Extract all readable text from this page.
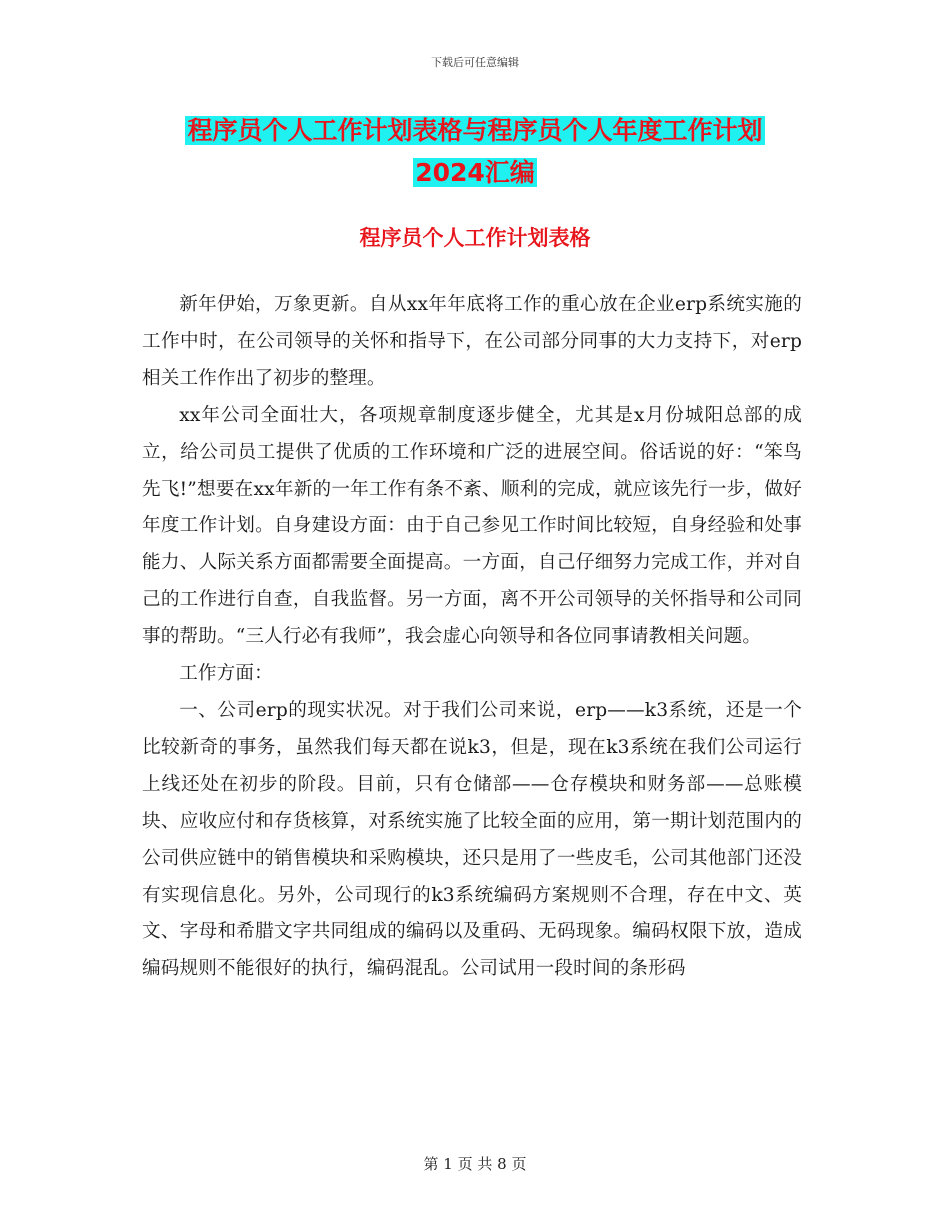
下载后可任意编辑
程序员个人工作计划表格与程序员个人年度工作计划
2024汇编
程序员个人工作计划表格

新年伊始，万象更新。自从xx年年底将工作的重心放在企业erp系统实施的工作中时，在公司领导的关怀和指导下，在公司部分同事的大力支持下，对erp相关工作作出了初步的整理。

xx年公司全面壮大，各项规章制度逐步健全，尤其是x月份城阳总部的成立，给公司员工提供了优质的工作环境和广泛的进展空间。俗话说的好：“笨鸟先飞!”想要在xx年新的一年工作有条不紊、顺利的完成，就应该先行一步，做好年度工作计划。自身建设方面：由于自己参见工作时间比较短，自身经验和处事能力、人际关系方面都需要全面提高。一方面，自己仔细努力完成工作，并对自己的工作进行自查，自我监督。另一方面，离不开公司领导的关怀指导和公司同事的帮助。“三人行必有我师”，我会虚心向领导和各位同事请教相关问题。

工作方面：

一、公司erp的现实状况。对于我们公司来说，erp——k3系统，还是一个比较新奇的事务，虽然我们每天都在说k3，但是，现在k3系统在我们公司运行上线还处在初步的阶段。目前，只有仓储部——仓存模块和财务部——总账模块、应收应付和存货核算，对系统实施了比较全面的应用，第一期计划范围内的公司供应链中的销售模块和采购模块，还只是用了一些皮毛，公司其他部门还没有实现信息化。另外，公司现行的k3系统编码方案规则不合理，存在中文、英文、字母和希腊文字共同组成的编码以及重码、无码现象。编码权限下放，造成编码规则不能很好的执行，编码混乱。公司试用一段时间的条形码

第 1 页 共 8 页
